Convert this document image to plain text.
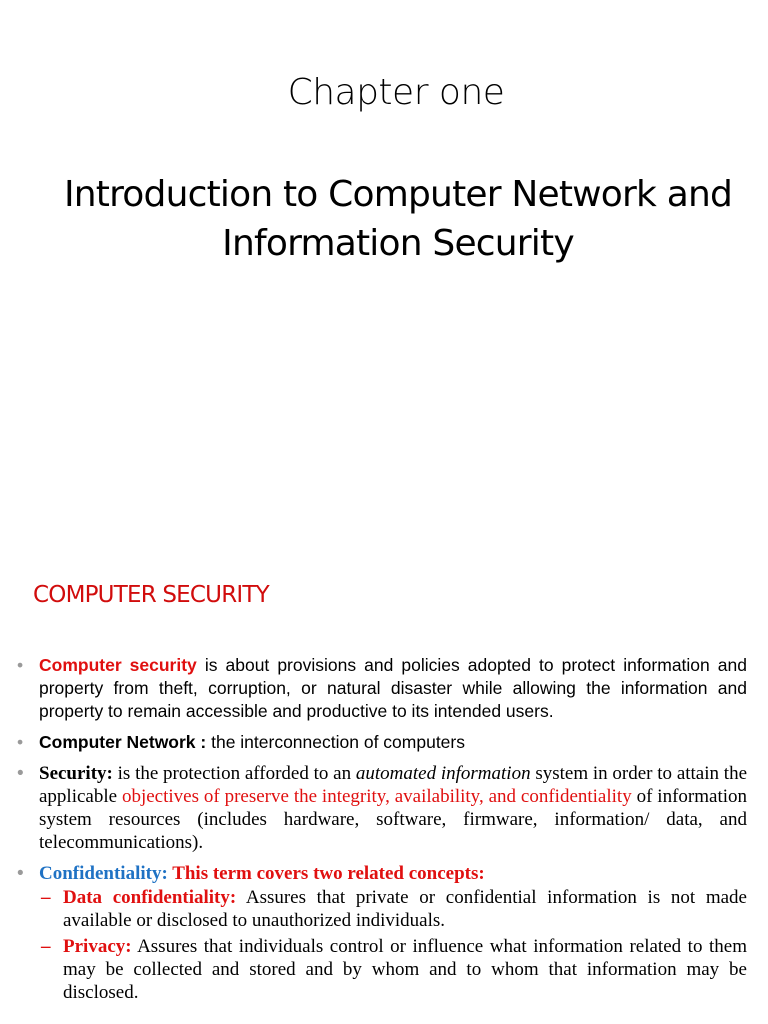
Chapter one
Introduction to Computer Network and
Information Security
COMPUTER SECURITY
• Computer security is about provisions and policies adopted to protect information and property from theft, corruption, or natural disaster while allowing the information and property to remain accessible and productive to its intended users.
• Computer Network : the interconnection of computers
• Security: is the protection afforded to an automated information system in order to attain the applicable objectives of preserve the integrity, availability, and confidentiality of information system resources (includes hardware, software, firmware, information/ data, and telecommunications).
• Confidentiality: This term covers two related concepts:
– Data confidentiality: Assures that private or confidential information is not made available or disclosed to unauthorized individuals.
– Privacy: Assures that individuals control or influence what information related to them may be collected and stored and by whom and to whom that information may be disclosed.
